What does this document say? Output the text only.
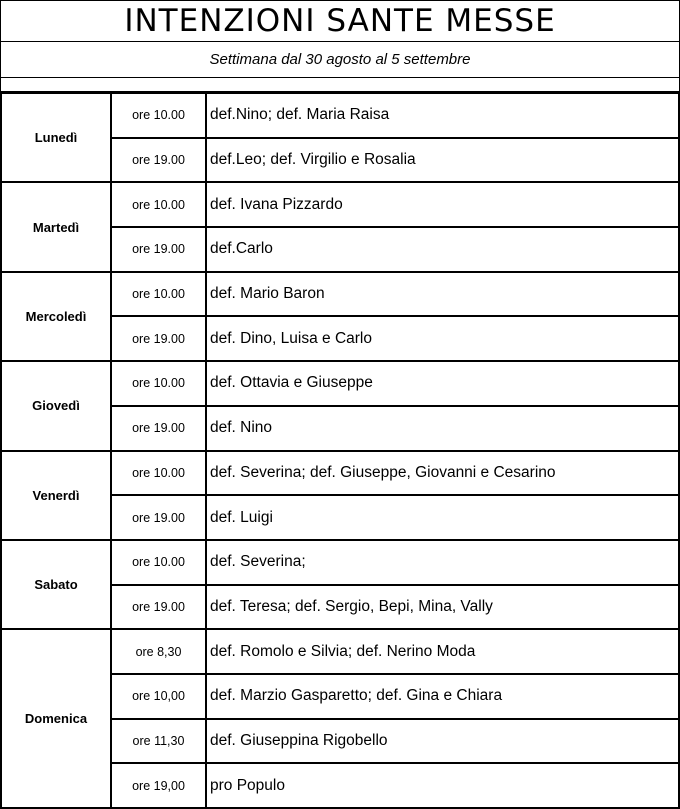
INTENZIONI SANTE MESSE
Settimana dal 30 agosto al 5 settembre
Lunedì	ore 10.00	def.Nino; def. Maria Raisa
	ore 19.00	def.Leo; def. Virgilio e Rosalia
Martedì	ore 10.00	def. Ivana Pizzardo
	ore 19.00	def.Carlo
Mercoledì	ore 10.00	def. Mario Baron
	ore 19.00	def. Dino, Luisa e Carlo
Giovedì	ore 10.00	def. Ottavia e Giuseppe
	ore 19.00	def. Nino
Venerdì	ore 10.00	def. Severina; def. Giuseppe, Giovanni e Cesarino
	ore 19.00	def. Luigi
Sabato	ore 10.00	def. Severina;
	ore 19.00	def. Teresa; def. Sergio, Bepi, Mina, Vally
Domenica	ore 8,30	def. Romolo e Silvia; def. Nerino Moda
	ore 10,00	def. Marzio Gasparetto; def. Gina e Chiara
	ore 11,30	def. Giuseppina Rigobello
	ore 19,00	pro Populo
